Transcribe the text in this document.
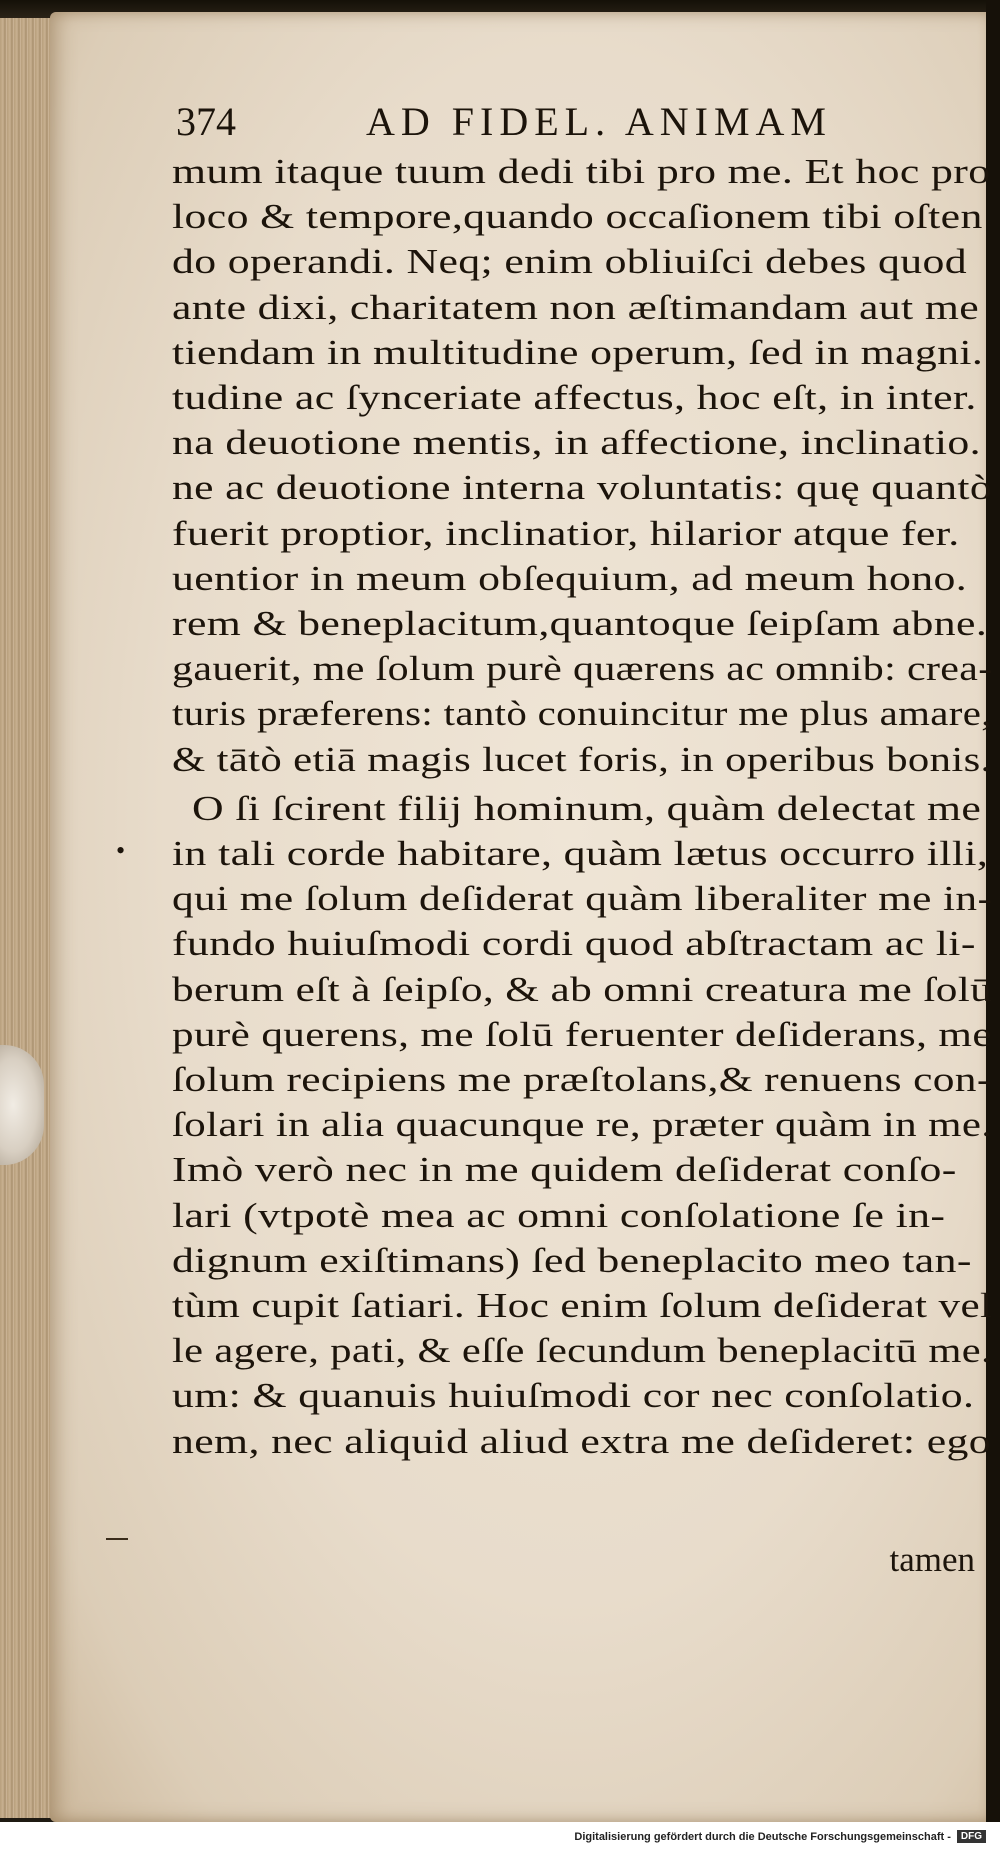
374	AD FIDEL. ANIMAM
•
mum itaque tuum dedi tibi pro me. Et hoc pro
loco & tempore,quando occaſionem tibi oſten
do operandi. Neq; enim obliuiſci debes quod
ante dixi, charitatem non æſtimandam aut me
tiendam in multitudine operum, ſed in magni.
tudine ac ſynceriate affectus, hoc eſt, in inter.
na deuotione mentis, in affectione, inclinatio.
ne ac deuotione interna voluntatis: quę quantò
fuerit proptior, inclinatior, hilarior atque fer.
uentior in meum obſequium, ad meum hono.
rem & beneplacitum,quantoque ſeipſam abne.
gauerit, me ſolum purè quærens ac omnib: crea-
turis præferens: tantò conuincitur me plus amare,
& tātò etiā magis lucet foris, in operibus bonis.
O ſi ſcirent filij hominum, quàm delectat me
in tali corde habitare, quàm lætus occurro illi,
qui me ſolum deſiderat quàm liberaliter me in-
fundo huiuſmodi cordi quod abſtractam ac li-
berum eſt à ſeipſo, & ab omni creatura me ſolū
purè querens, me ſolū feruenter deſiderans, me
ſolum recipiens me præſtolans,& renuens con-
ſolari in alia quacunque re, præter quàm in me.
Imò verò nec in me quidem deſiderat conſo-
lari (vtpotè mea ac omni conſolatione ſe in-
dignum exiſtimans) ſed beneplacito meo tan-
tùm cupit ſatiari. Hoc enim ſolum deſiderat vel
le agere, pati, & eſſe ſecundum beneplacitū me.
um: & quanuis huiuſmodi cor nec conſolatio.
nem, nec aliquid aliud extra me deſideret: ego
tamen
Digitalisierung gefördert durch die Deutsche Forschungsgemeinschaft -	DFG
